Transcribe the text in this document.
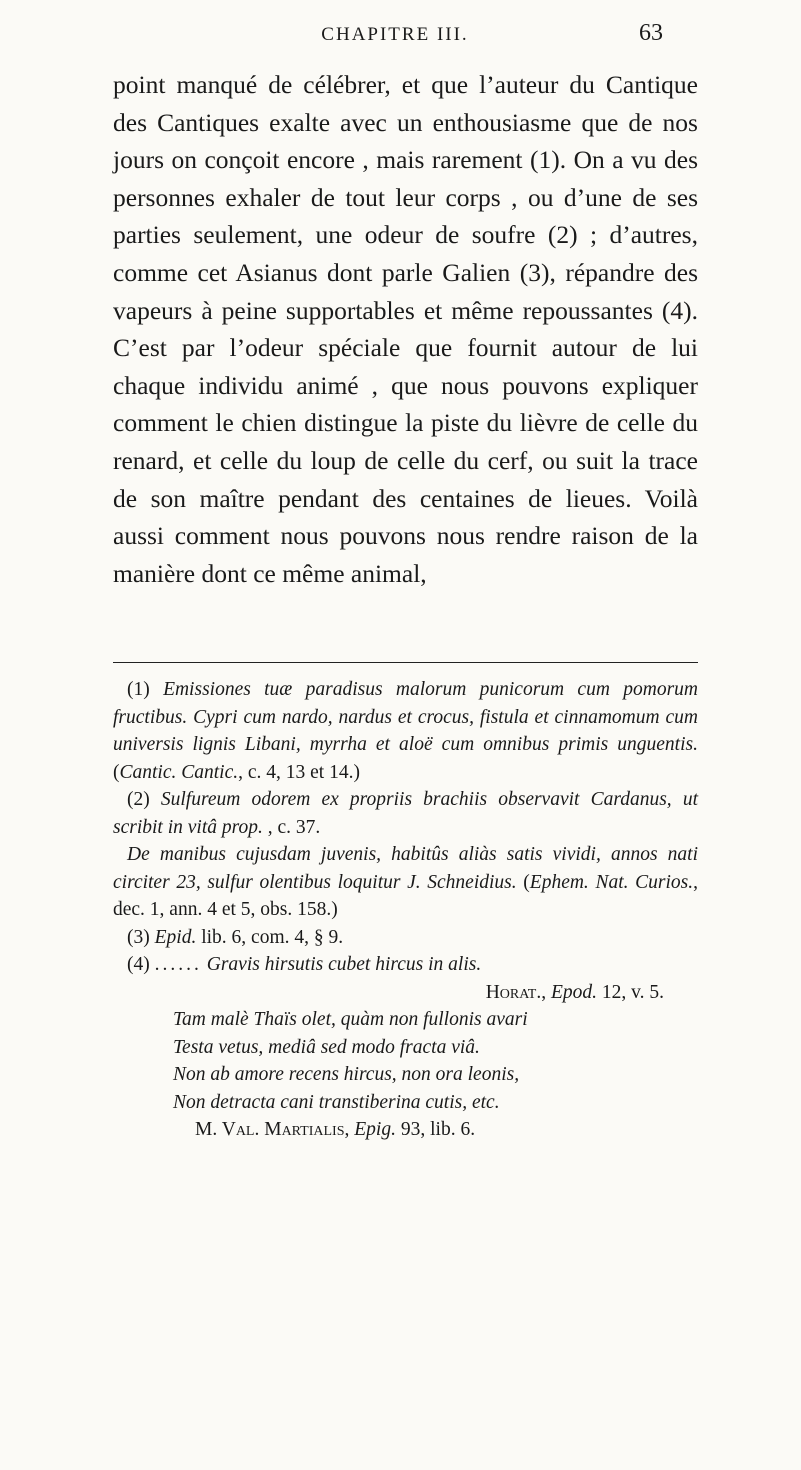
CHAPITRE III.	63

point manqué de célébrer, et que l’auteur du Cantique des Cantiques exalte avec un enthousiasme que de nos jours on conçoit encore , mais rarement (1). On a vu des personnes exhaler de tout leur corps , ou d’une de ses parties seulement, une odeur de soufre (2) ; d’autres, comme cet Asianus dont parle Galien (3), répandre des vapeurs à peine supportables et même repoussantes (4). C’est par l’odeur spéciale que fournit autour de lui chaque individu animé , que nous pouvons expliquer comment le chien distingue la piste du lièvre de celle du renard, et celle du loup de celle du cerf, ou suit la trace de son maître pendant des centaines de lieues. Voilà aussi comment nous pouvons nous rendre raison de la manière dont ce même animal,

(1) Emissiones tuæ paradisus malorum punicorum cum pomorum fructibus. Cypri cum nardo, nardus et crocus, fistula et cinnamomum cum universis lignis Libani, myrrha et aloë cum omnibus primis unguentis. (Cantic. Cantic., c. 4, 13 et 14.)

(2) Sulfureum odorem ex propriis brachiis observavit Cardanus, ut scribit in vitâ prop. , c. 37.

De manibus cujusdam juvenis, habitûs aliàs satis vividi, annos nati circiter 23, sulfur olentibus loquitur J. Schneidius. (Ephem. Nat. Curios., dec. 1, ann. 4 et 5, obs. 158.)

(3) Epid. lib. 6, com. 4, § 9.

(4) ...... Gravis hirsutis cubet hircus in alis.

Horat., Epod. 12, v. 5.

Tam malè Thaïs olet, quàm non fullonis avari

Testa vetus, mediâ sed modo fracta viâ.

Non ab amore recens hircus, non ora leonis,

Non detracta cani transtiberina cutis, etc.

M. Val. Martialis, Epig. 93, lib. 6.
